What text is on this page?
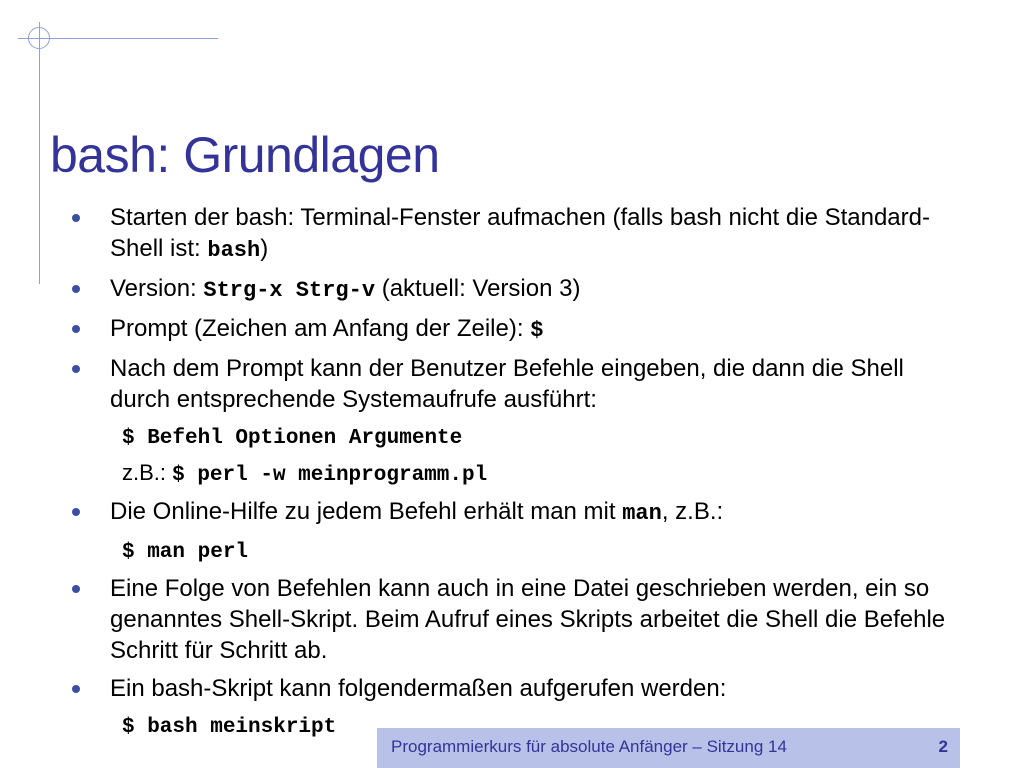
bash: Grundlagen
Starten der bash: Terminal-Fenster aufmachen (falls bash nicht die Standard-Shell ist: bash)
Version: Strg-x Strg-v (aktuell: Version 3)
Prompt (Zeichen am Anfang der Zeile): $
Nach dem Prompt kann der Benutzer Befehle eingeben, die dann die Shell durch entsprechende Systemaufrufe ausführt:
$ Befehl Optionen Argumente
z.B.: $ perl -w meinprogramm.pl
Die Online-Hilfe zu jedem Befehl erhält man mit man, z.B.:
$ man perl
Eine Folge von Befehlen kann auch in eine Datei geschrieben werden, ein so genanntes Shell-Skript. Beim Aufruf eines Skripts arbeitet die Shell die Befehle Schritt für Schritt ab.
Ein bash-Skript kann folgendermaßen aufgerufen werden:
$ bash meinskript
Programmierkurs für absolute Anfänger – Sitzung 14	2
